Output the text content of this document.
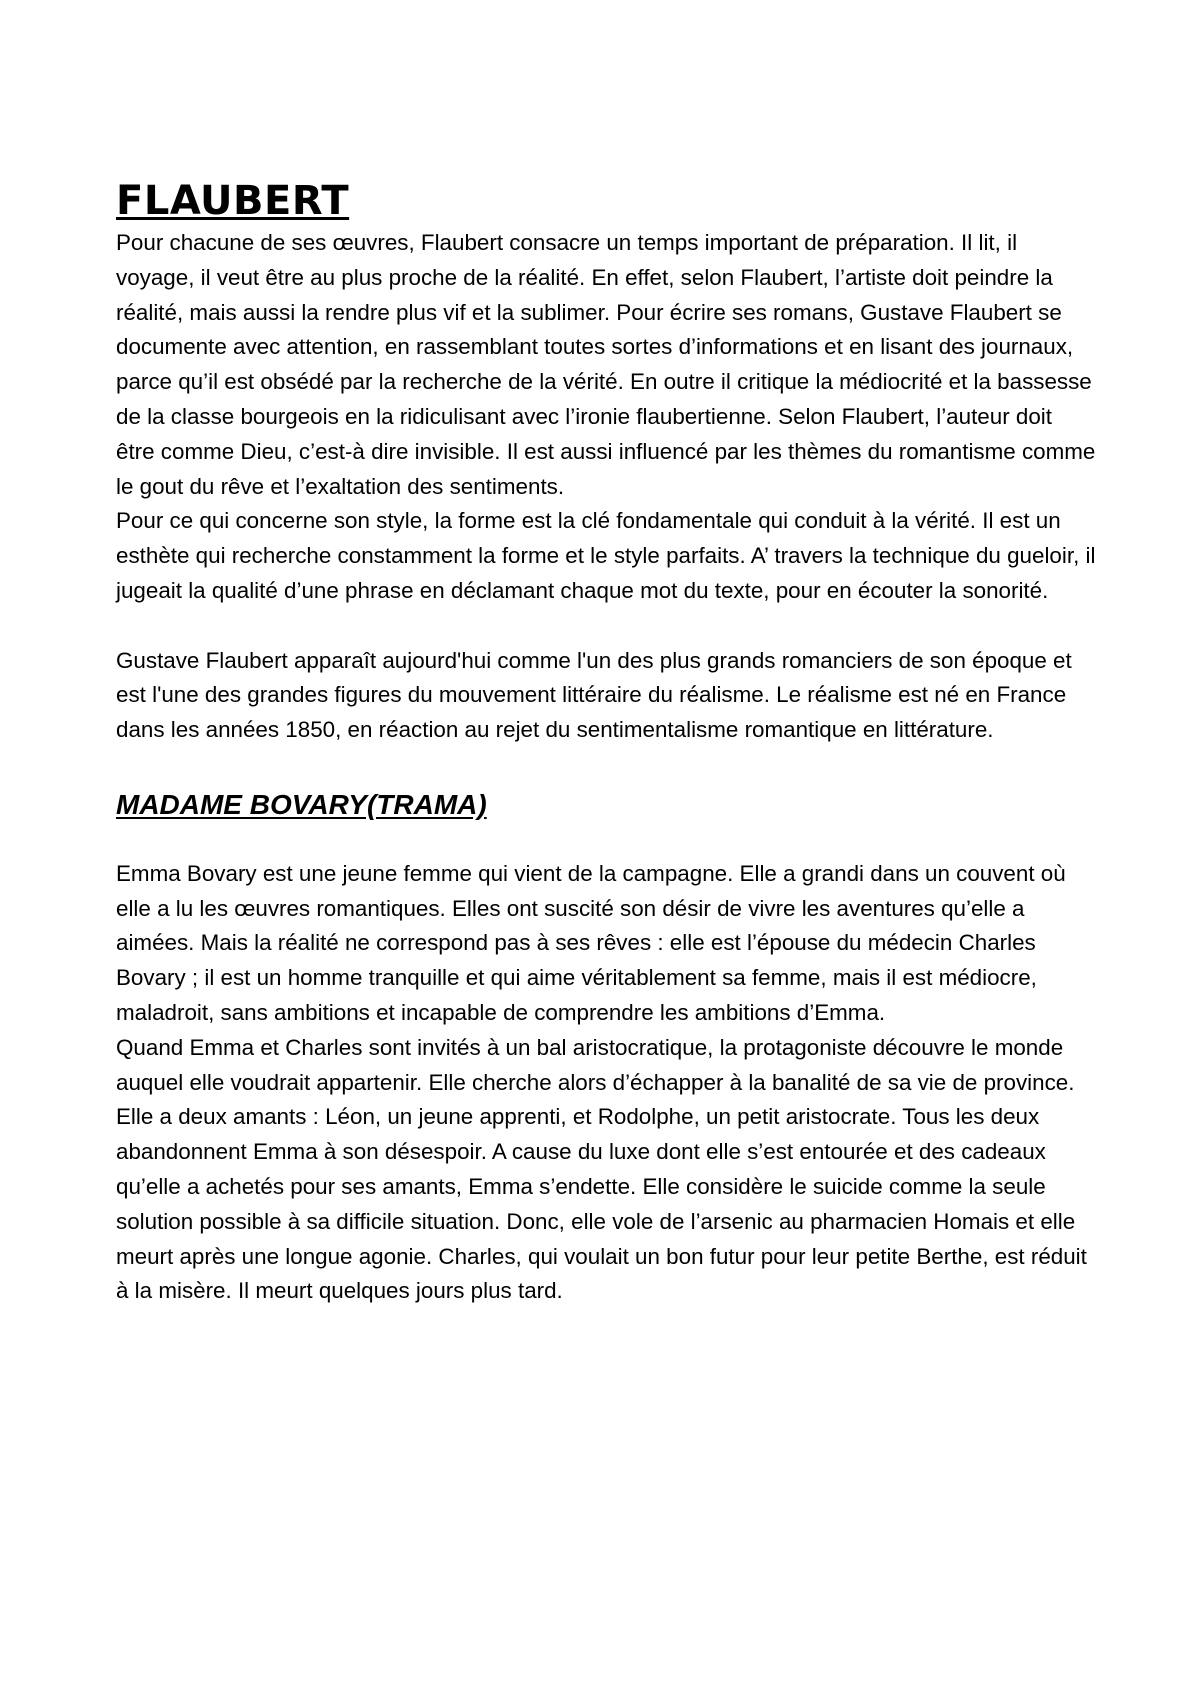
FLAUBERT

Pour chacune de ses œuvres, Flaubert consacre un temps important de préparation. Il lit, il voyage, il veut être au plus proche de la réalité. En effet, selon Flaubert, l’artiste doit peindre la réalité, mais aussi la rendre plus vif et la sublimer. Pour écrire ses romans, Gustave Flaubert se documente avec attention, en rassemblant toutes sortes d’informations et en lisant des journaux, parce qu’il est obsédé par la recherche de la vérité. En outre il critique la médiocrité et la bassesse de la classe bourgeois en la ridiculisant avec l’ironie flaubertienne. Selon Flaubert, l’auteur doit être comme Dieu, c’est-à dire invisible. Il est aussi influencé par les thèmes du romantisme comme le gout du rêve et l’exaltation des sentiments.

Pour ce qui concerne son style, la forme est la clé fondamentale qui conduit à la vérité. Il est un esthète qui recherche constamment la forme et le style parfaits. A’ travers la technique du gueloir, il jugeait la qualité d’une phrase en déclamant chaque mot du texte, pour en écouter la sonorité.

Gustave Flaubert apparaît aujourd'hui comme l'un des plus grands romanciers de son époque et est l'une des grandes figures du mouvement littéraire du réalisme. Le réalisme est né en France dans les années 1850, en réaction au rejet du sentimentalisme romantique en littérature.

MADAME BOVARY(TRAMA)

Emma Bovary est une jeune femme qui vient de la campagne. Elle a grandi dans un couvent où elle a lu les œuvres romantiques. Elles ont suscité son désir de vivre les aventures qu’elle a aimées. Mais la réalité ne correspond pas à ses rêves : elle est l’épouse du médecin Charles Bovary ; il est un homme tranquille et qui aime véritablement sa femme, mais il est médiocre, maladroit, sans ambitions et incapable de comprendre les ambitions d’Emma.

Quand Emma et Charles sont invités à un bal aristocratique, la protagoniste découvre le monde auquel elle voudrait appartenir. Elle cherche alors d’échapper à la banalité de sa vie de province. Elle a deux amants : Léon, un jeune apprenti, et Rodolphe, un petit aristocrate. Tous les deux abandonnent Emma à son désespoir. A cause du luxe dont elle s’est entourée et des cadeaux qu’elle a achetés pour ses amants, Emma s’endette. Elle considère le suicide comme la seule solution possible à sa difficile situation. Donc, elle vole de l’arsenic au pharmacien Homais et elle meurt après une longue agonie. Charles, qui voulait un bon futur pour leur petite Berthe, est réduit à la misère. Il meurt quelques jours plus tard.
